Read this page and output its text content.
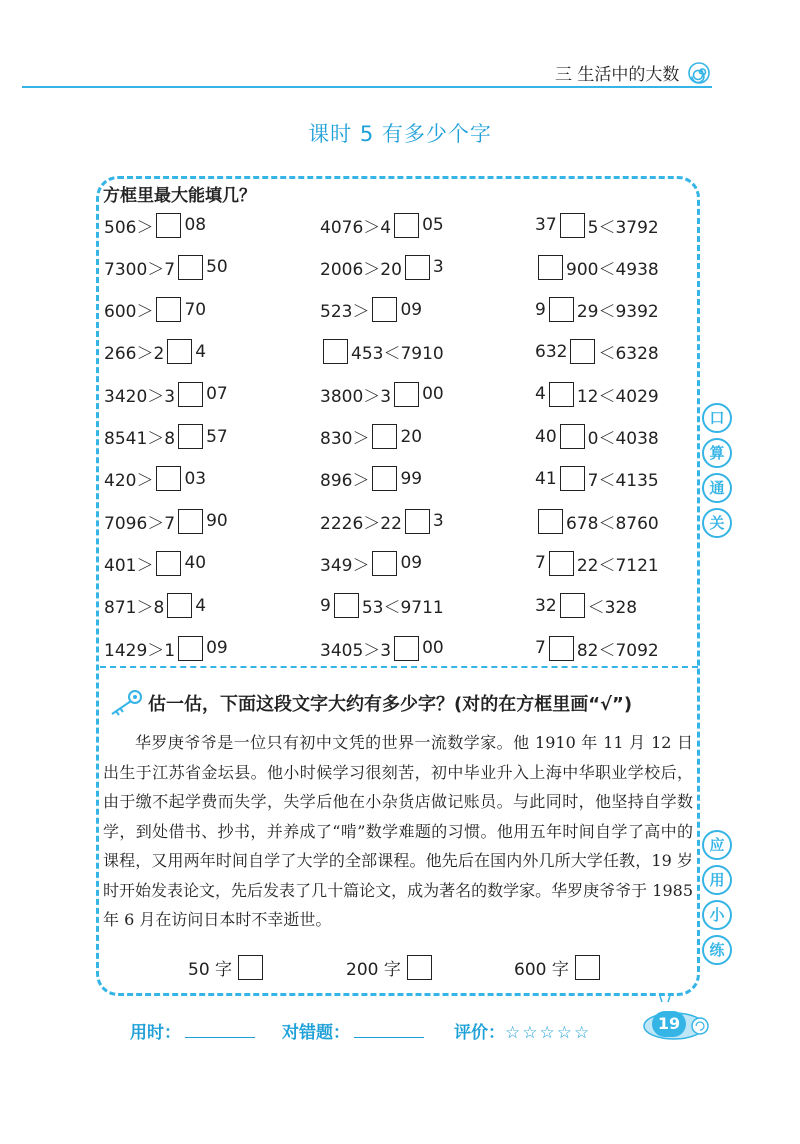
三 生活中的大数
课时 5 有多少个字
方框里最大能填几？
506＞ 08	4076＞4 05	37 5＜3792
7300＞7 50	2006＞20 3	900＜4938
600＞ 70	523＞ 09	9 29＜9392
266＞2 4	453＜7910	632 ＜6328
3420＞3 07	3800＞3 00	4 12＜4029
8541＞8 57	830＞ 20	40 0＜4038
420＞ 03	896＞ 99	41 7＜4135
7096＞7 90	2226＞22 3	678＜8760
401＞ 40	349＞ 09	7 22＜7121
871＞8 4	9 53＜9711	32 ＜328
1429＞1 09	3405＞3 00	7 82＜7092
口
算
通
关
应
用
小
练
估一估，下面这段文字大约有多少字？(对的在方框里画“√”)

华罗庚爷爷是一位只有初中文凭的世界一流数学家。他 1910 年 11 月 12 日出生于江苏省金坛县。他小时候学习很刻苦，初中毕业升入上海中华职业学校后，由于缴不起学费而失学，失学后他在小杂货店做记账员。与此同时，他坚持自学数学，到处借书、抄书，并养成了“啃”数学难题的习惯。他用五年时间自学了高中的课程，又用两年时间自学了大学的全部课程。他先后在国内外几所大学任教，19 岁时开始发表论文，先后发表了几十篇论文，成为著名的数学家。华罗庚爷爷于 1985 年 6 月在访问日本时不幸逝世。

50 字	200 字	600 字
用时：	对错题：	评价：☆☆☆☆☆	19
